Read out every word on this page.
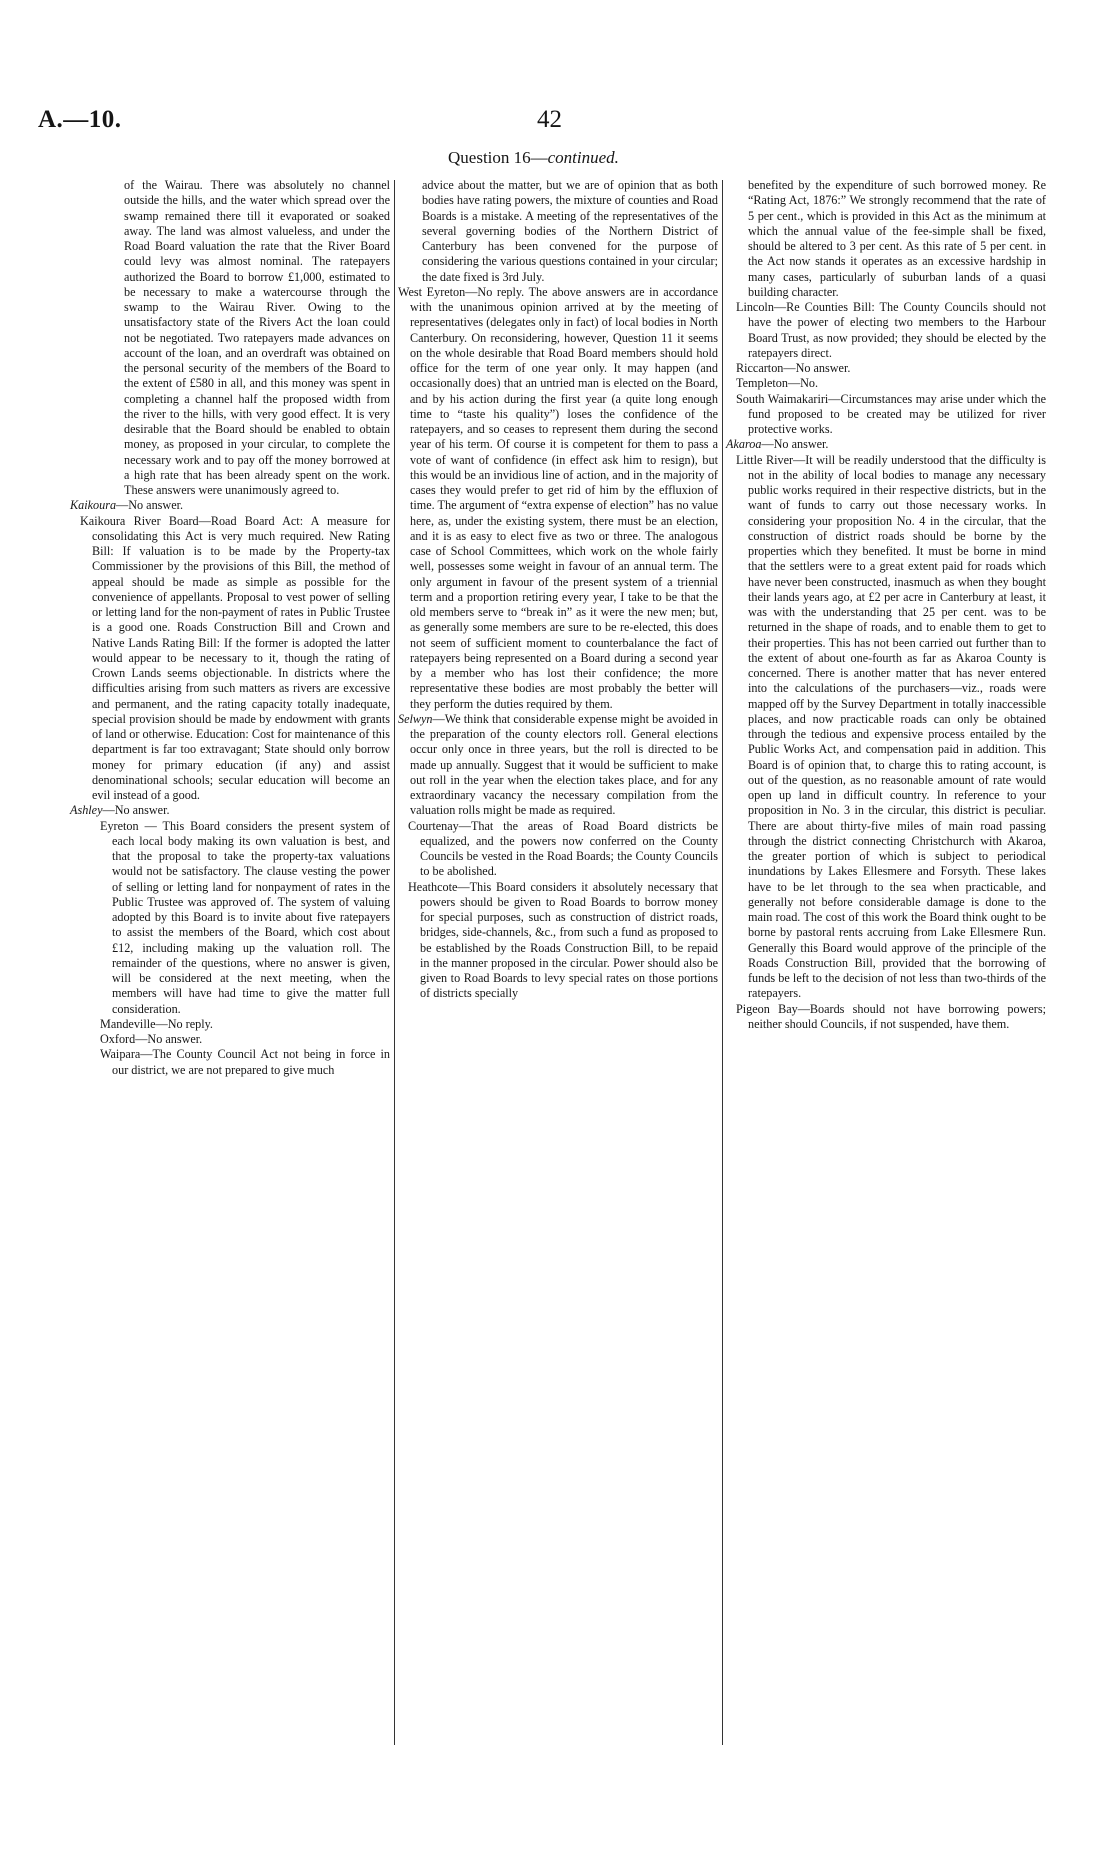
A.—10.	42
Question 16—continued.

of the Wairau. There was absolutely no channel outside the hills, and the water which spread over the swamp remained there till it evaporated or soaked away. The land was almost valueless, and under the Road Board valuation the rate that the River Board could levy was almost nominal. The ratepayers authorized the Board to borrow £1,000, estimated to be necessary to make a watercourse through the swamp to the Wairau River. Owing to the unsatisfactory state of the Rivers Act the loan could not be negotiated. Two ratepayers made advances on account of the loan, and an overdraft was obtained on the personal security of the members of the Board to the extent of £580 in all, and this money was spent in completing a channel half the proposed width from the river to the hills, with very good effect. It is very desirable that the Board should be enabled to obtain money, as proposed in your circular, to complete the necessary work and to pay off the money borrowed at a high rate that has been already spent on the work. These answers were unanimously agreed to.

Kaikoura—No answer.

Kaikoura River Board—Road Board Act: A measure for consolidating this Act is very much required. New Rating Bill: If valuation is to be made by the Property-tax Commissioner by the provisions of this Bill, the method of appeal should be made as simple as possible for the convenience of appellants. Proposal to vest power of selling or letting land for the non-payment of rates in Public Trustee is a good one. Roads Construction Bill and Crown and Native Lands Rating Bill: If the former is adopted the latter would appear to be necessary to it, though the rating of Crown Lands seems objectionable. In districts where the difficulties arising from such matters as rivers are excessive and permanent, and the rating capacity totally inadequate, special provision should be made by endowment with grants of land or otherwise. Education: Cost for maintenance of this department is far too extravagant; State should only borrow money for primary education (if any) and assist denominational schools; secular education will become an evil instead of a good.

Ashley—No answer.

Eyreton — This Board considers the present system of each local body making its own valuation is best, and that the proposal to take the property-tax valuations would not be satisfactory. The clause vesting the power of selling or letting land for nonpayment of rates in the Public Trustee was approved of. The system of valuing adopted by this Board is to invite about five ratepayers to assist the members of the Board, which cost about £12, including making up the valuation roll. The remainder of the questions, where no answer is given, will be considered at the next meeting, when the members will have had time to give the matter full consideration.

Mandeville—No reply.

Oxford—No answer.

Waipara—The County Council Act not being in force in our district, we are not prepared to give much

advice about the matter, but we are of opinion that as both bodies have rating powers, the mixture of counties and Road Boards is a mistake. A meeting of the representatives of the several governing bodies of the Northern District of Canterbury has been convened for the purpose of considering the various questions contained in your circular; the date fixed is 3rd July.

West Eyreton—No reply. The above answers are in accordance with the unanimous opinion arrived at by the meeting of representatives (delegates only in fact) of local bodies in North Canterbury. On reconsidering, however, Question 11 it seems on the whole desirable that Road Board members should hold office for the term of one year only. It may happen (and occasionally does) that an untried man is elected on the Board, and by his action during the first year (a quite long enough time to “taste his quality”) loses the confidence of the ratepayers, and so ceases to represent them during the second year of his term. Of course it is competent for them to pass a vote of want of confidence (in effect ask him to resign), but this would be an invidious line of action, and in the majority of cases they would prefer to get rid of him by the effluxion of time. The argument of “extra expense of election” has no value here, as, under the existing system, there must be an election, and it is as easy to elect five as two or three. The analogous case of School Committees, which work on the whole fairly well, possesses some weight in favour of an annual term. The only argument in favour of the present system of a triennial term and a proportion retiring every year, I take to be that the old members serve to “break in” as it were the new men; but, as generally some members are sure to be re-elected, this does not seem of sufficient moment to counterbalance the fact of ratepayers being represented on a Board during a second year by a member who has lost their confidence; the more representative these bodies are most probably the better will they perform the duties required by them.

Selwyn—We think that considerable expense might be avoided in the preparation of the county electors roll. General elections occur only once in three years, but the roll is directed to be made up annually. Suggest that it would be sufficient to make out roll in the year when the election takes place, and for any extraordinary vacancy the necessary compilation from the valuation rolls might be made as required.

Courtenay—That the areas of Road Board districts be equalized, and the powers now conferred on the County Councils be vested in the Road Boards; the County Councils to be abolished.

Heathcote—This Board considers it absolutely necessary that powers should be given to Road Boards to borrow money for special purposes, such as construction of district roads, bridges, side-channels, &c., from such a fund as proposed to be established by the Roads Construction Bill, to be repaid in the manner proposed in the circular. Power should also be given to Road Boards to levy special rates on those portions of districts specially

benefited by the expenditure of such borrowed money. Re “Rating Act, 1876:” We strongly recommend that the rate of 5 per cent., which is provided in this Act as the minimum at which the annual value of the fee-simple shall be fixed, should be altered to 3 per cent. As this rate of 5 per cent. in the Act now stands it operates as an excessive hardship in many cases, particularly of suburban lands of a quasi building character.

Lincoln—Re Counties Bill: The County Councils should not have the power of electing two members to the Harbour Board Trust, as now provided; they should be elected by the ratepayers direct.

Riccarton—No answer.

Templeton—No.

South Waimakariri—Circumstances may arise under which the fund proposed to be created may be utilized for river protective works.

Akaroa—No answer.

Little River—It will be readily understood that the difficulty is not in the ability of local bodies to manage any necessary public works required in their respective districts, but in the want of funds to carry out those necessary works. In considering your proposition No. 4 in the circular, that the construction of district roads should be borne by the properties which they benefited. It must be borne in mind that the settlers were to a great extent paid for roads which have never been constructed, inasmuch as when they bought their lands years ago, at £2 per acre in Canterbury at least, it was with the understanding that 25 per cent. was to be returned in the shape of roads, and to enable them to get to their properties. This has not been carried out further than to the extent of about one-fourth as far as Akaroa County is concerned. There is another matter that has never entered into the calculations of the purchasers—viz., roads were mapped off by the Survey Department in totally inaccessible places, and now practicable roads can only be obtained through the tedious and expensive process entailed by the Public Works Act, and compensation paid in addition. This Board is of opinion that, to charge this to rating account, is out of the question, as no reasonable amount of rate would open up land in difficult country. In reference to your proposition in No. 3 in the circular, this district is peculiar. There are about thirty-five miles of main road passing through the district connecting Christchurch with Akaroa, the greater portion of which is subject to periodical inundations by Lakes Ellesmere and Forsyth. These lakes have to be let through to the sea when practicable, and generally not before considerable damage is done to the main road. The cost of this work the Board think ought to be borne by pastoral rents accruing from Lake Ellesmere Run. Generally this Board would approve of the principle of the Roads Construction Bill, provided that the borrowing of funds be left to the decision of not less than two-thirds of the ratepayers.

Pigeon Bay—Boards should not have borrowing powers; neither should Councils, if not suspended, have them.
